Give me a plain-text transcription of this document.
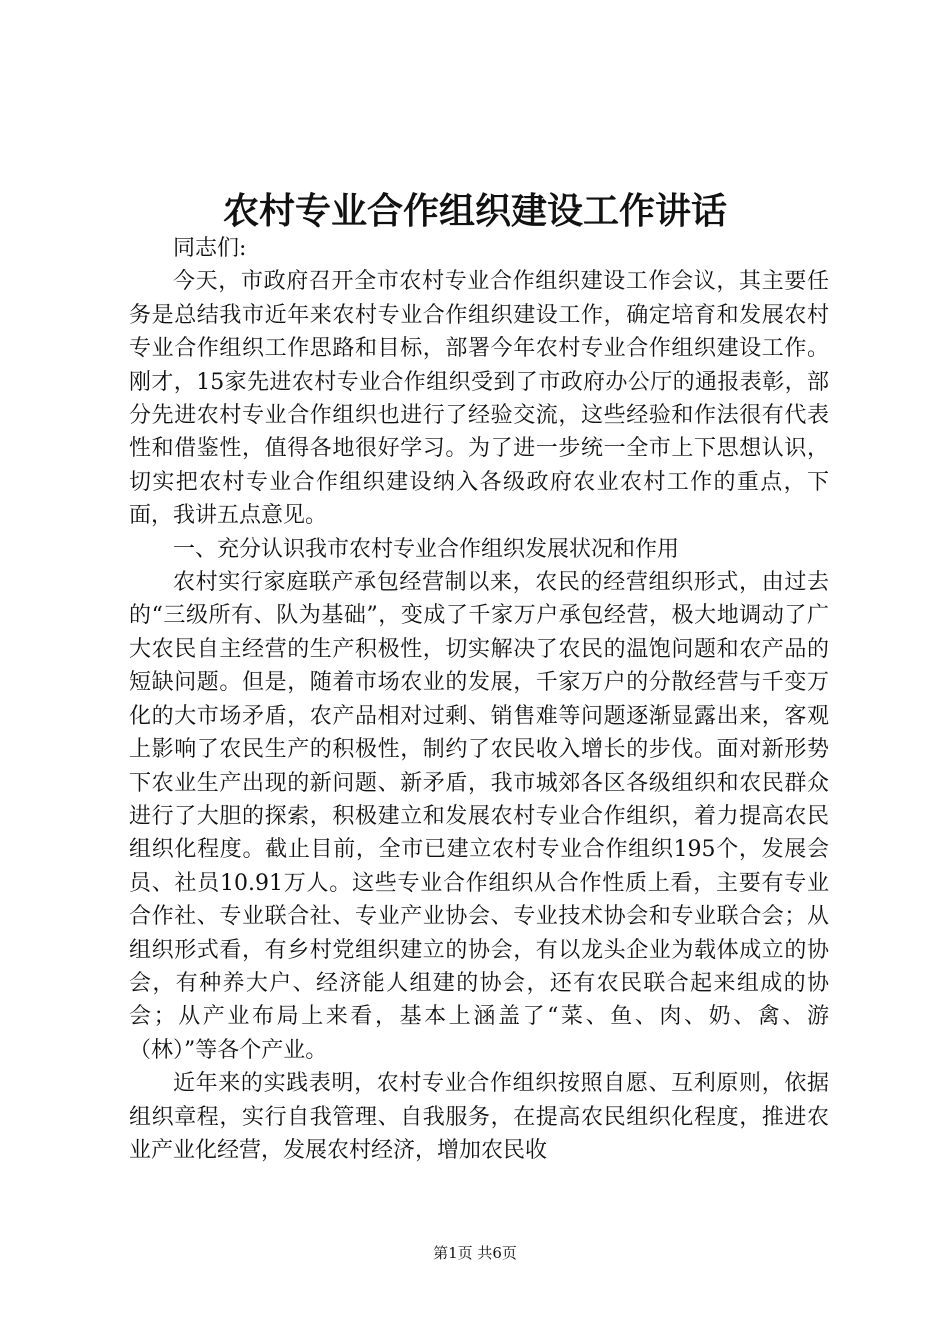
农村专业合作组织建设工作讲话

同志们:

今天，市政府召开全市农村专业合作组织建设工作会议，其主要任务是总结我市近年来农村专业合作组织建设工作，确定培育和发展农村专业合作组织工作思路和目标，部署今年农村专业合作组织建设工作。刚才，15家先进农村专业合作组织受到了市政府办公厅的通报表彰，部分先进农村专业合作组织也进行了经验交流，这些经验和作法很有代表性和借鉴性，值得各地很好学习。为了进一步统一全市上下思想认识，切实把农村专业合作组织建设纳入各级政府农业农村工作的重点，下面，我讲五点意见。

一、充分认识我市农村专业合作组织发展状况和作用

农村实行家庭联产承包经营制以来，农民的经营组织形式，由过去的“三级所有、队为基础”，变成了千家万户承包经营，极大地调动了广大农民自主经营的生产积极性，切实解决了农民的温饱问题和农产品的短缺问题。但是，随着市场农业的发展，千家万户的分散经营与千变万化的大市场矛盾，农产品相对过剩、销售难等问题逐渐显露出来，客观上影响了农民生产的积极性，制约了农民收入增长的步伐。面对新形势下农业生产出现的新问题、新矛盾，我市城郊各区各级组织和农民群众进行了大胆的探索，积极建立和发展农村专业合作组织，着力提高农民组织化程度。截止目前，全市已建立农村专业合作组织195个，发展会员、社员10.91万人。这些专业合作组织从合作性质上看，主要有专业合作社、专业联合社、专业产业协会、专业技术协会和专业联合会；从组织形式看，有乡村党组织建立的协会，有以龙头企业为载体成立的协会，有种养大户、经济能人组建的协会，还有农民联合起来组成的协会；从产业布局上来看，基本上涵盖了“菜、鱼、肉、奶、禽、游（林）”等各个产业。

近年来的实践表明，农村专业合作组织按照自愿、互利原则，依据组织章程，实行自我管理、自我服务，在提高农民组织化程度，推进农业产业化经营，发展农村经济，增加农民收

第1页 共6页
